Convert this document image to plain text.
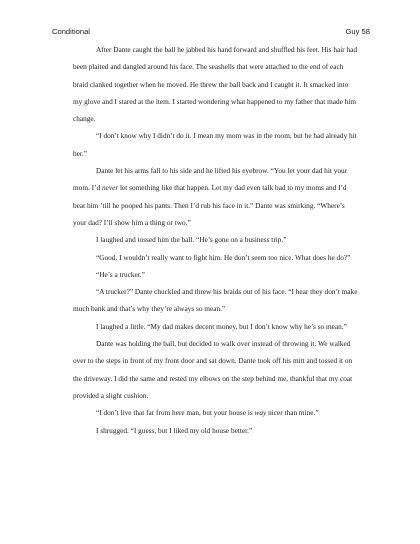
Conditional	Guy 58

After Dante caught the ball he jabbed his hand forward and shuffled his feet. His hair had
been plaited and dangled around his face. The seashells that were attached to the end of each
braid clanked together when he moved. He threw the ball back and I caught it. It smacked into
my glove and I stared at the item. I started wondering what happened to my father that made him
change.

“I don’t know why I didn’t do it. I mean my mom was in the room, but he had already hit
her.”

Dante let his arms fall to his side and he lifted his eyebrow. “You let your dad hit your
mom. I’d never let something like that happen. Let my dad even talk bad to my moms and I’d
beat him ’till he pooped his pants. Then I’d rub his face in it.” Dante was smirking. “Where’s
your dad? I’ll show him a thing or two.”

I laughed and tossed him the ball. “He’s gone on a business trip.”

“Good, I wouldn’t really want to fight him. He don’t seem too nice. What does he do?”

“He’s a trucker.”

“A trucker?” Dante chuckled and threw his braids out of his face. “I hear they don’t make
much bank and that’s why they’re always so mean.”

I laughed a little. “My dad makes decent money, but I don’t know why he’s so mean.”

Dante was holding the ball, but decided to walk over instead of throwing it. We walked
over to the steps in front of my front door and sat down. Dante took off his mitt and tossed it on
the driveway. I did the same and rested my elbows on the step behind me, thankful that my coat
provided a slight cushion.

“I don’t live that far from here man, but your house is way nicer than mine.”

I shrugged. “I guess, but I liked my old house better.”
